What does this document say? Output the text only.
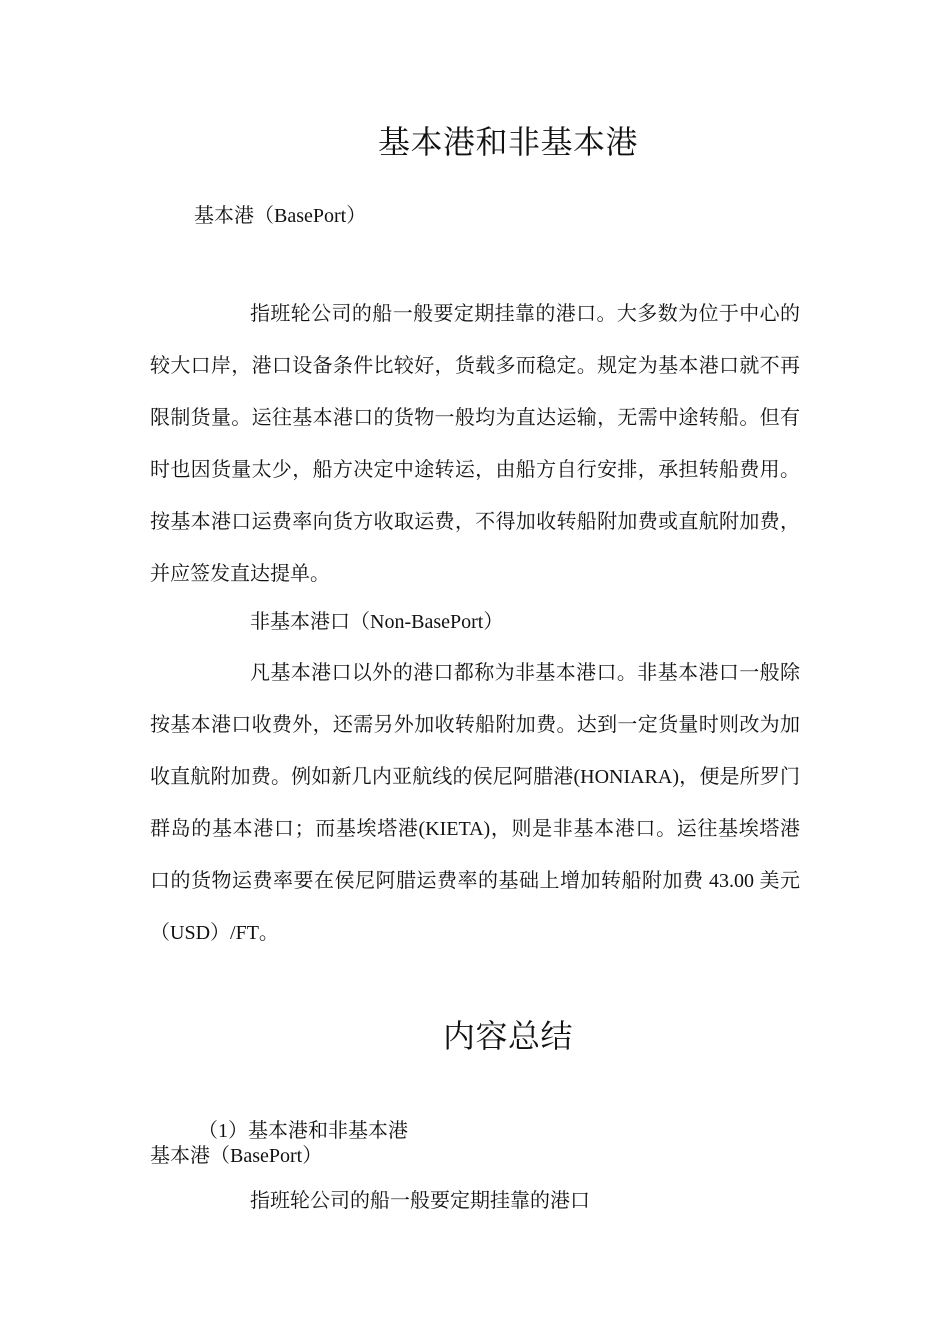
基本港和非基本港

基本港（BasePort）

指班轮公司的船一般要定期挂靠的港口。大多数为位于中心的较大口岸，港口设备条件比较好，货载多而稳定。规定为基本港口就不再限制货量。运往基本港口的货物一般均为直达运输，无需中途转船。但有时也因货量太少，船方决定中途转运，由船方自行安排，承担转船费用。按基本港口运费率向货方收取运费，不得加收转船附加费或直航附加费，并应签发直达提单。

非基本港口（Non-BasePort）

凡基本港口以外的港口都称为非基本港口。非基本港口一般除按基本港口收费外，还需另外加收转船附加费。达到一定货量时则改为加收直航附加费。例如新几内亚航线的侯尼阿腊港(HONIARA)，便是所罗门群岛的基本港口；而基埃塔港(KIETA)，则是非基本港口。运往基埃塔港口的货物运费率要在侯尼阿腊运费率的基础上增加转船附加费 43.00 美元（USD）/FT。

内容总结

（1）基本港和非基本港

基本港（BasePort）

指班轮公司的船一般要定期挂靠的港口
